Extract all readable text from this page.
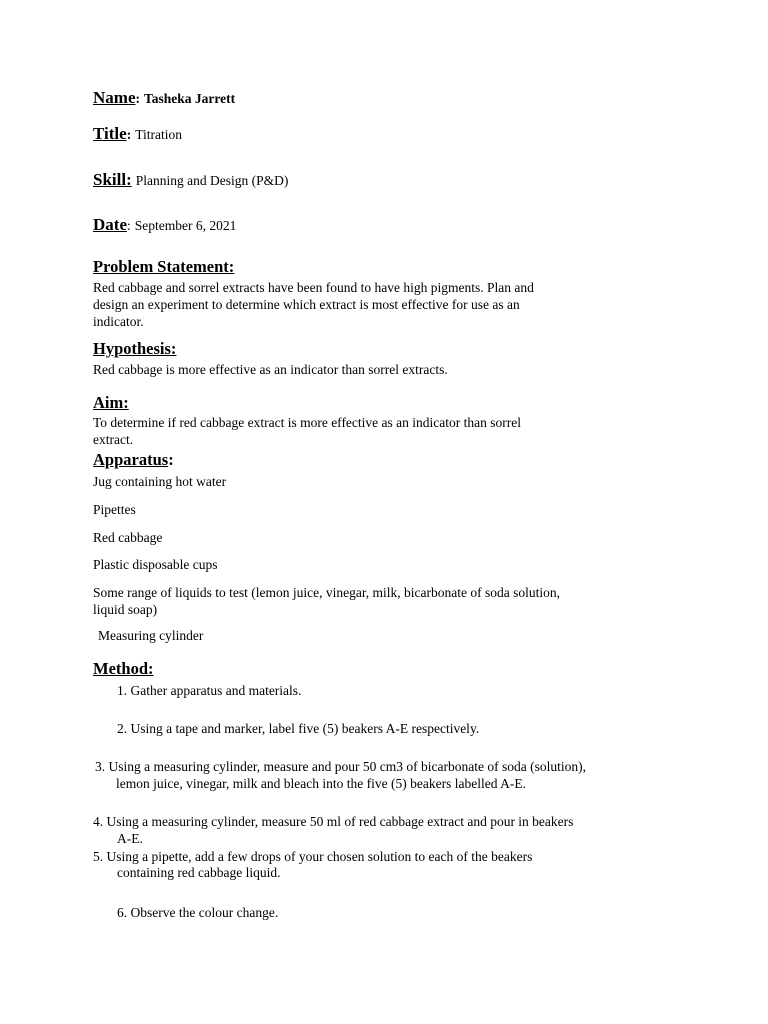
Name: Tasheka Jarrett
Title: Titration
Skill: Planning and Design (P&D)
Date: September 6, 2021
Problem Statement:
Red cabbage and sorrel extracts have been found to have high pigments. Plan and
design an experiment to determine which extract is most effective for use as an
indicator.
Hypothesis:
Red cabbage is more effective as an indicator than sorrel extracts.
Aim:
To determine if red cabbage extract is more effective as an indicator than sorrel
extract.
Apparatus:
Jug containing hot water
Pipettes
Red cabbage
Plastic disposable cups
Some range of liquids to test (lemon juice, vinegar, milk, bicarbonate of soda solution,
liquid soap)
Measuring cylinder
Method:
1. Gather apparatus and materials.
2. Using a tape and marker, label five (5) beakers A-E respectively.
3. Using a measuring cylinder, measure and pour 50 cm3 of bicarbonate of soda (solution),
lemon juice, vinegar, milk and bleach into the five (5) beakers labelled A-E.
4. Using a measuring cylinder, measure 50 ml of red cabbage extract and pour in beakers
A-E.
5. Using a pipette, add a few drops of your chosen solution to each of the beakers
containing red cabbage liquid.
6. Observe the colour change.
